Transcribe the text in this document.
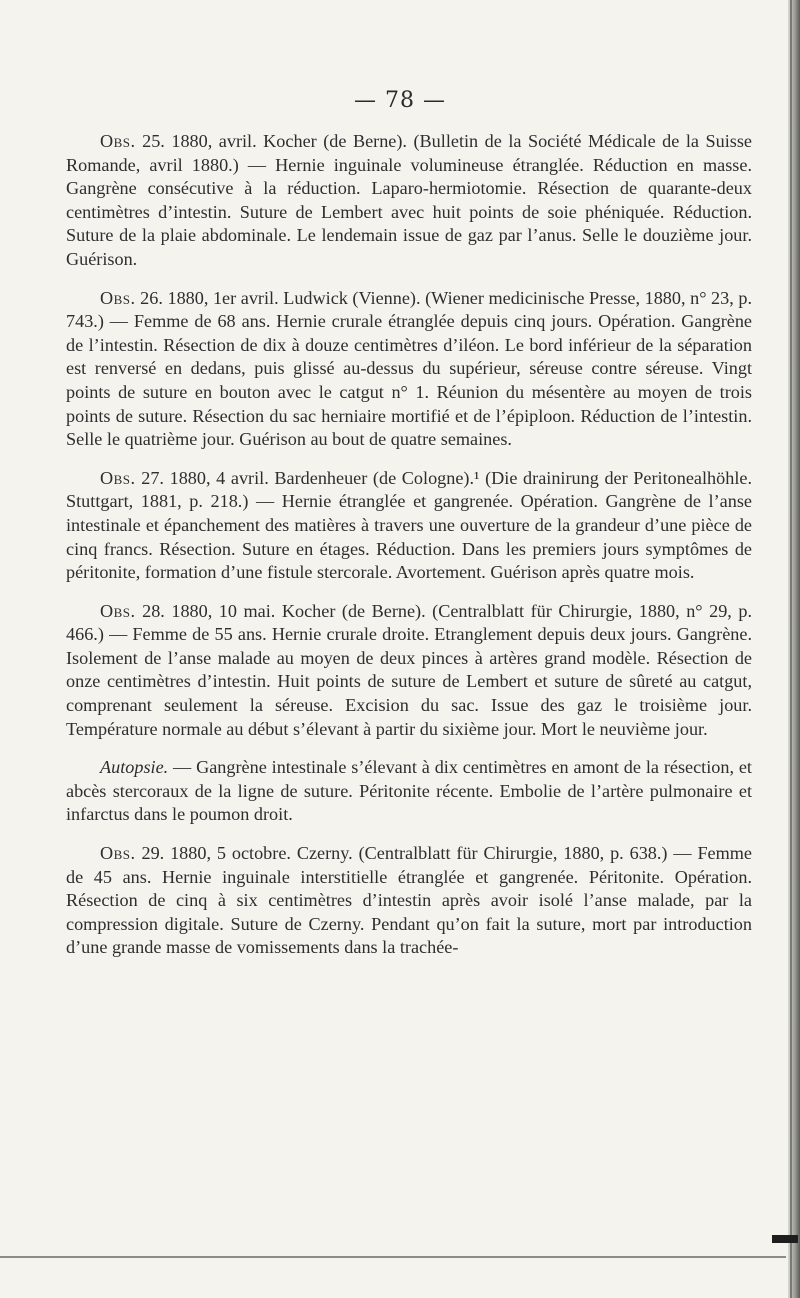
— 78 —

Obs. 25. 1880, avril. Kocher (de Berne). (Bulletin de la Société Médicale de la Suisse Romande, avril 1880.) — Hernie inguinale volumineuse étranglée. Réduction en masse. Gangrène consécutive à la réduction. Laparo-hermiotomie. Résection de quarante-deux centimètres d’intestin. Suture de Lembert avec huit points de soie phéniquée. Réduction. Suture de la plaie abdominale. Le lendemain issue de gaz par l’anus. Selle le douzième jour. Guérison.

Obs. 26. 1880, 1er avril. Ludwick (Vienne). (Wiener medicinische Presse, 1880, n° 23, p. 743.) — Femme de 68 ans. Hernie crurale étranglée depuis cinq jours. Opération. Gangrène de l’intestin. Résection de dix à douze centimètres d’iléon. Le bord inférieur de la séparation est renversé en dedans, puis glissé au-dessus du supérieur, séreuse contre séreuse. Vingt points de suture en bouton avec le catgut n° 1. Réunion du mésentère au moyen de trois points de suture. Résection du sac herniaire mortifié et de l’épiploon. Réduction de l’intestin. Selle le quatrième jour. Guérison au bout de quatre semaines.

Obs. 27. 1880, 4 avril. Bardenheuer (de Cologne).¹ (Die drainirung der Peritonealhöhle. Stuttgart, 1881, p. 218.) — Hernie étranglée et gangrenée. Opération. Gangrène de l’anse intestinale et épanchement des matières à travers une ouverture de la grandeur d’une pièce de cinq francs. Résection. Suture en étages. Réduction. Dans les premiers jours symptômes de péritonite, formation d’une fistule stercorale. Avortement. Guérison après quatre mois.

Obs. 28. 1880, 10 mai. Kocher (de Berne). (Centralblatt für Chirurgie, 1880, n° 29, p. 466.) — Femme de 55 ans. Hernie crurale droite. Etranglement depuis deux jours. Gangrène. Isolement de l’anse malade au moyen de deux pinces à artères grand modèle. Résection de onze centimètres d’intestin. Huit points de suture de Lembert et suture de sûreté au catgut, comprenant seulement la séreuse. Excision du sac. Issue des gaz le troisième jour. Température normale au début s’élevant à partir du sixième jour. Mort le neuvième jour.

Autopsie. — Gangrène intestinale s’élevant à dix centimètres en amont de la résection, et abcès stercoraux de la ligne de suture. Péritonite récente. Embolie de l’artère pulmonaire et infarctus dans le poumon droit.

Obs. 29. 1880, 5 octobre. Czerny. (Centralblatt für Chirurgie, 1880, p. 638.) — Femme de 45 ans. Hernie inguinale interstitielle étranglée et gangrenée. Péritonite. Opération. Résection de cinq à six centimètres d’intestin après avoir isolé l’anse malade, par la compression digitale. Suture de Czerny. Pendant qu’on fait la suture, mort par introduction d’une grande masse de vomissements dans la trachée-
